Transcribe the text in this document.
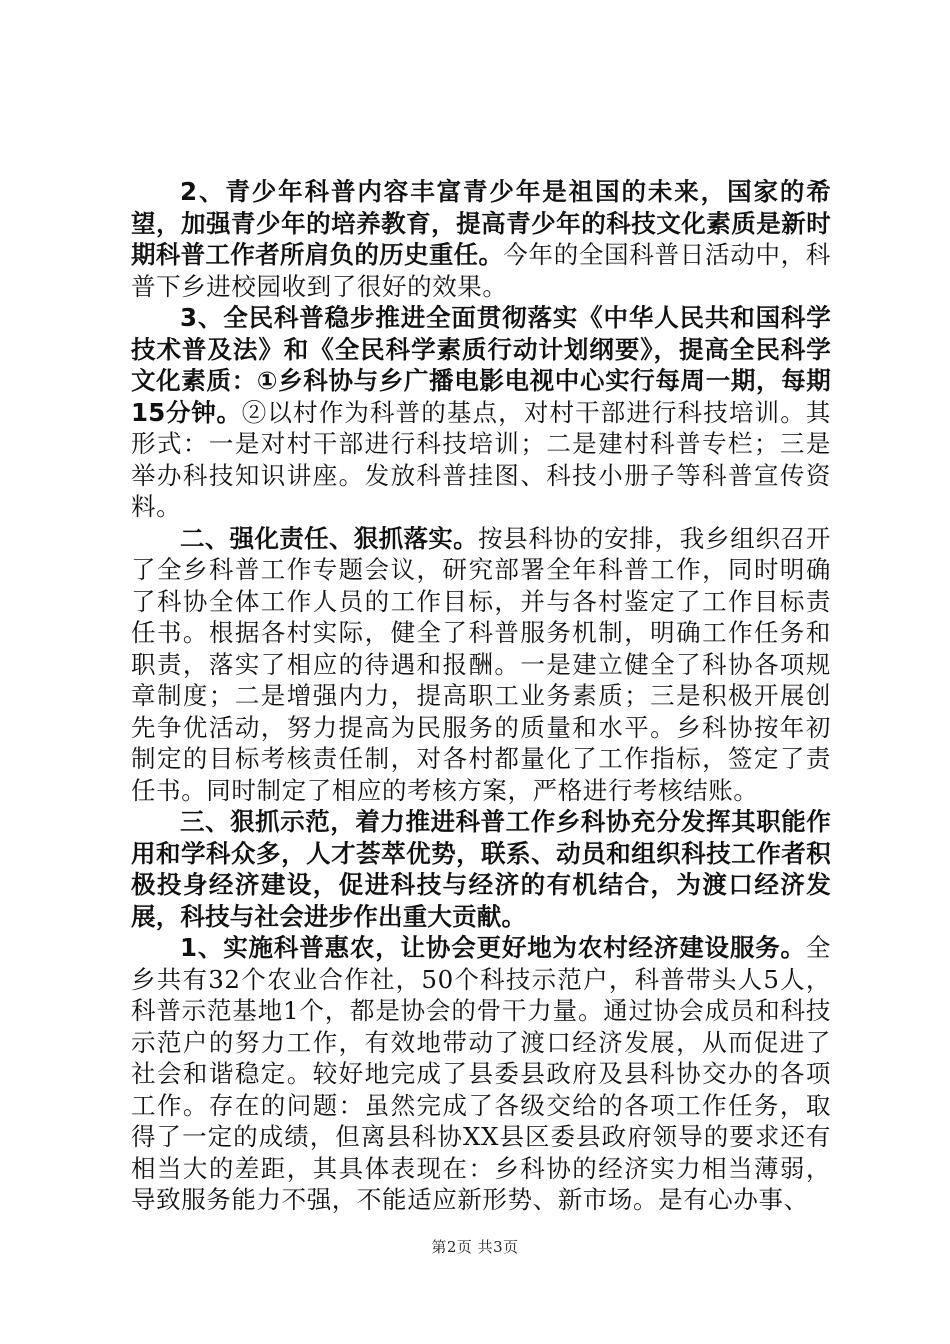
2、青少年科普内容丰富青少年是祖国的未来，国家的希望，加强青少年的培养教育，提高青少年的科技文化素质是新时期科普工作者所肩负的历史重任。今年的全国科普日活动中，科普下乡进校园收到了很好的效果。

3、全民科普稳步推进全面贯彻落实《中华人民共和国科学技术普及法》和《全民科学素质行动计划纲要》，提高全民科学文化素质：①乡科协与乡广播电影电视中心实行每周一期，每期15分钟。②以村作为科普的基点，对村干部进行科技培训。其形式：一是对村干部进行科技培训；二是建村科普专栏；三是举办科技知识讲座。发放科普挂图、科技小册子等科普宣传资料。

二、强化责任、狠抓落实。按县科协的安排，我乡组织召开了全乡科普工作专题会议，研究部署全年科普工作，同时明确了科协全体工作人员的工作目标，并与各村鉴定了工作目标责任书。根据各村实际，健全了科普服务机制，明确工作任务和职责，落实了相应的待遇和报酬。一是建立健全了科协各项规章制度；二是增强内力，提高职工业务素质；三是积极开展创先争优活动，努力提高为民服务的质量和水平。乡科协按年初制定的目标考核责任制，对各村都量化了工作指标，签定了责任书。同时制定了相应的考核方案，严格进行考核结账。

三、狠抓示范，着力推进科普工作乡科协充分发挥其职能作用和学科众多，人才荟萃优势，联系、动员和组织科技工作者积极投身经济建设，促进科技与经济的有机结合，为渡口经济发展，科技与社会进步作出重大贡献。

1、实施科普惠农，让协会更好地为农村经济建设服务。全乡共有32个农业合作社，50个科技示范户，科普带头人5人，科普示范基地1个，都是协会的骨干力量。通过协会成员和科技示范户的努力工作，有效地带动了渡口经济发展，从而促进了社会和谐稳定。较好地完成了县委县政府及县科协交办的各项工作。存在的问题：虽然完成了各级交给的各项工作任务，取得了一定的成绩，但离县科协XX县区委县政府领导的要求还有相当大的差距，其具体表现在：乡科协的经济实力相当薄弱，导致服务能力不强，不能适应新形势、新市场。是有心办事、

第2页 共3页
